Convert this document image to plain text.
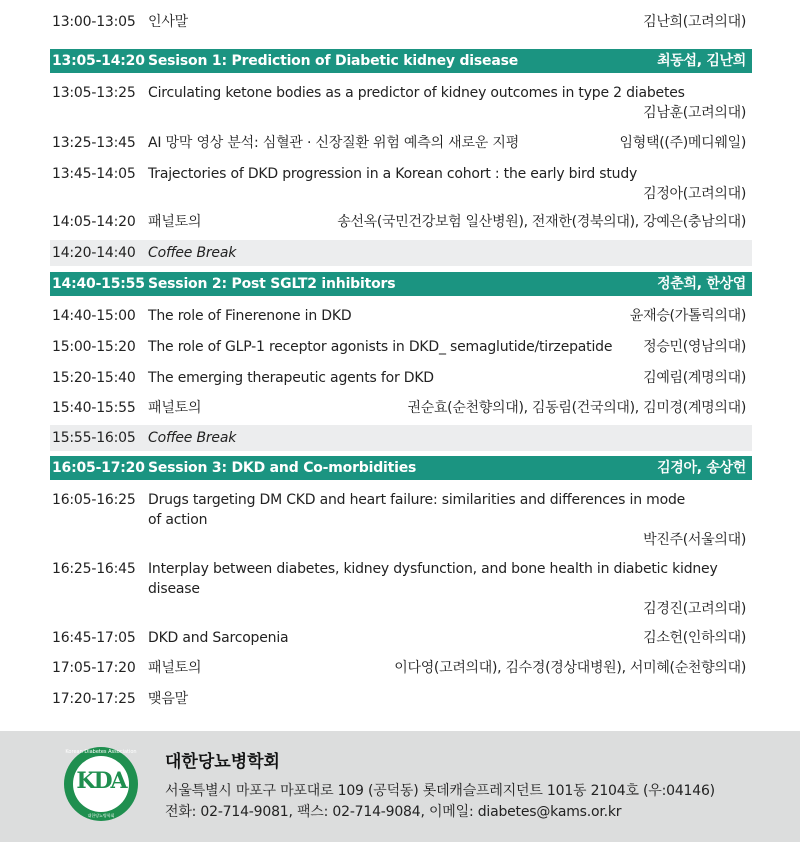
13:00-13:05 인사말	김난희(고려의대)
13:05-14:20 Sesison 1: Prediction of Diabetic kidney disease	최동섭, 김난희
13:05-13:25 Circulating ketone bodies as a predictor of kidney outcomes in type 2 diabetes
김남훈(고려의대)
13:25-13:45 AI 망막 영상 분석: 심혈관 · 신장질환 위험 예측의 새로운 지평	임형택((주)메디웨일)
13:45-14:05 Trajectories of DKD progression in a Korean cohort : the early bird study
김정아(고려의대)
14:05-14:20 패널토의	송선옥(국민건강보험 일산병원), 전재한(경북의대), 강예은(충남의대)
14:20-14:40 Coffee Break
14:40-15:55 Session 2: Post SGLT2 inhibitors	정춘희, 한상엽
14:40-15:00 The role of Finerenone in DKD	윤재승(가톨릭의대)
15:00-15:20 The role of GLP-1 receptor agonists in DKD_ semaglutide/tirzepatide 정승민(영남의대)
15:20-15:40 The emerging therapeutic agents for DKD	김예림(계명의대)
15:40-15:55 패널토의	권순효(순천향의대), 김동림(건국의대), 김미경(계명의대)
15:55-16:05 Coffee Break
16:05-17:20 Session 3: DKD and Co-morbidities	김경아, 송상헌
16:05-16:25 Drugs targeting DM CKD and heart failure: similarities and differences in mode of action
박진주(서울의대)
16:25-16:45 Interplay between diabetes, kidney dysfunction, and bone health in diabetic kidney disease
김경진(고려의대)
16:45-17:05 DKD and Sarcopenia	김소헌(인하의대)
17:05-17:20 패널토의	이다영(고려의대), 김수경(경상대병원), 서미혜(순천향의대)
17:20-17:25 맺음말
Korean Diabetes Association
KDA
대한당뇨병학회
대한당뇨병학회
서울특별시 마포구 마포대로 109 (공덕동) 롯데캐슬프레지던트 101동 2104호 (우:04146)
전화: 02-714-9081, 팩스: 02-714-9084, 이메일: diabetes@kams.or.kr
